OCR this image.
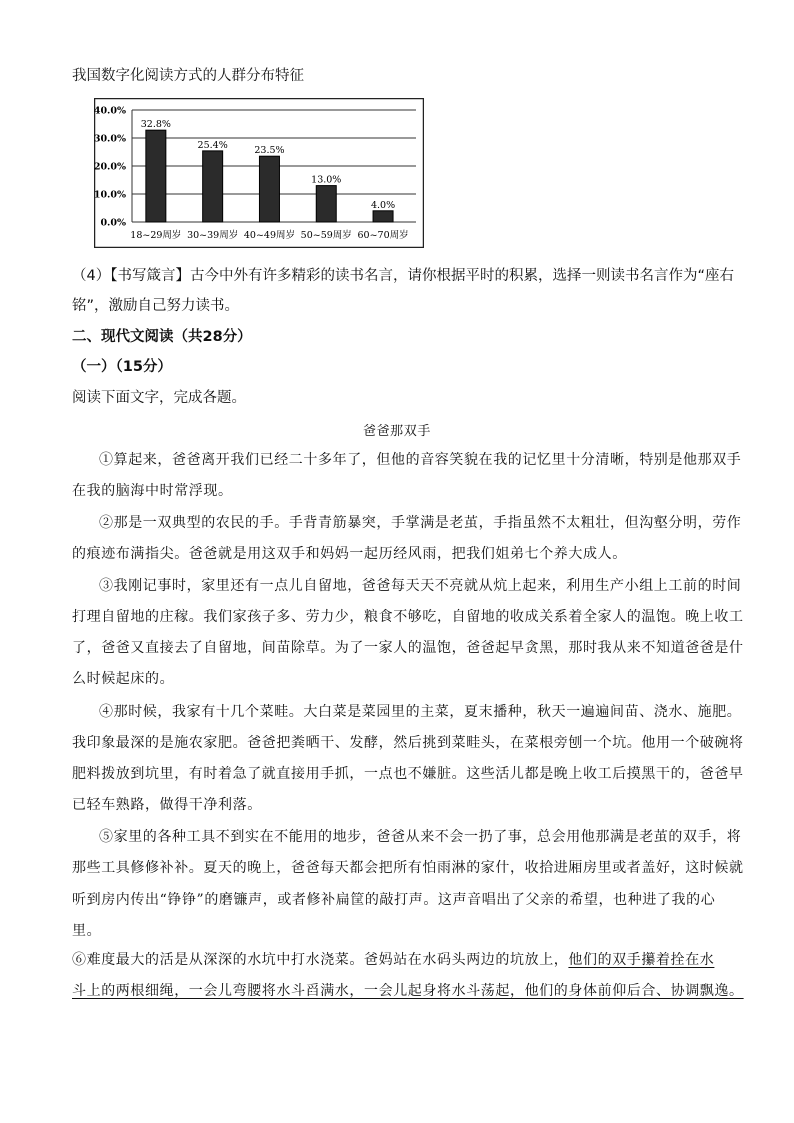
我国数字化阅读方式的人群分布特征
40.0%
30.0%
20.0%
10.0%
0.0%
32.8%
25.4%	23.5%
13.0%
4.0%
18~29周岁 30~39周岁 40~49周岁 50~59周岁 60~70周岁
（4）【书写箴言】古今中外有许多精彩的读书名言，请你根据平时的积累，选择一则读书名言作为“座右
铭”，激励自己努力读书。
二、现代文阅读（共28分）
（一）（15分）
阅读下面文字，完成各题。
爸爸那双手
①算起来，爸爸离开我们已经二十多年了，但他的音容笑貌在我的记忆里十分清晰，特别是他那双手
在我的脑海中时常浮现。
②那是一双典型的农民的手。手背青筋暴突，手掌满是老茧，手指虽然不太粗壮，但沟壑分明，劳作
的痕迹布满指尖。爸爸就是用这双手和妈妈一起历经风雨，把我们姐弟七个养大成人。
③我刚记事时，家里还有一点儿自留地，爸爸每天天不亮就从炕上起来，利用生产小组上工前的时间
打理自留地的庄稼。我们家孩子多、劳力少，粮食不够吃，自留地的收成关系着全家人的温饱。晚上收工
了，爸爸又直接去了自留地，间苗除草。为了一家人的温饱，爸爸起早贪黑，那时我从来不知道爸爸是什
么时候起床的。
④那时候，我家有十几个菜畦。大白菜是菜园里的主菜，夏末播种，秋天一遍遍间苗、浇水、施肥。
我印象最深的是施农家肥。爸爸把粪晒干、发酵，然后挑到菜畦头，在菜根旁刨一个坑。他用一个破碗将
肥料拨放到坑里，有时着急了就直接用手抓，一点也不嫌脏。这些活儿都是晚上收工后摸黑干的，爸爸早
已轻车熟路，做得干净利落。
⑤家里的各种工具不到实在不能用的地步，爸爸从来不会一扔了事，总会用他那满是老茧的双手，将
那些工具修修补补。夏天的晚上，爸爸每天都会把所有怕雨淋的家什，收拾进厢房里或者盖好，这时候就
听到房内传出“铮铮”的磨镰声，或者修补扁筐的敲打声。这声音唱出了父亲的希望，也种进了我的心
里。
⑥难度最大的活是从深深的水坑中打水浇菜。爸妈站在水码头两边的坑放上，他们的双手攥着拴在水
斗上的两根细绳，一会儿弯腰将水斗舀满水，一会儿起身将水斗荡起，他们的身体前仰后合、协调飘逸。
